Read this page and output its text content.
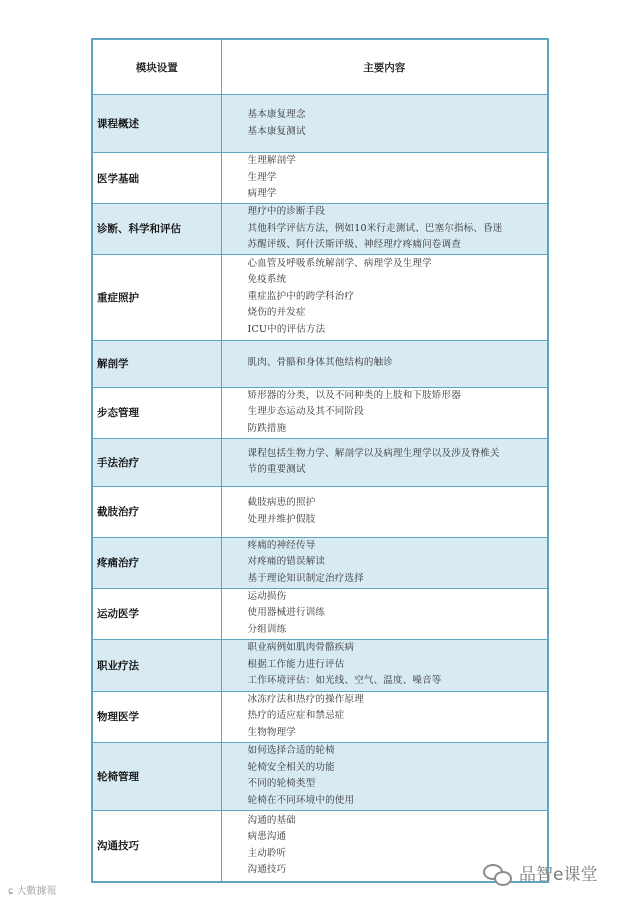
模块设置	主要内容
课程概述	基本康复理念
基本康复测试

医学基础	生理解剖学
生理学
病理学

诊断、科学和评估	理疗中的诊断手段
其他科学评估方法，例如10米行走测试、巴塞尔指标、昏迷
苏醒评级、阿什沃斯评级、神经理疗疼痛问卷调查

重症照护	心血管及呼吸系统解剖学、病理学及生理学
免疫系统
重症监护中的跨学科治疗
烧伤的并发症
ICU中的评估方法

解剖学	肌肉、骨骼和身体其他结构的触诊

步态管理	矫形器的分类，以及不同种类的上肢和下肢矫形器
生理步态运动及其不同阶段
防跌措施

手法治疗	课程包括生物力学、解剖学以及病理生理学以及涉及脊椎关
节的重要测试

截肢治疗	截肢病患的照护
处理并维护假肢

疼痛治疗	疼痛的神经传导
对疼痛的错误解读
基于理论知识制定治疗选择

运动医学	运动损伤
使用器械进行训练
分组训练

职业疗法	职业病例如肌肉骨骼疾病
根据工作能力进行评估
工作环境评估：如光线、空气、温度、噪音等

物理医学	冰冻疗法和热疗的操作原理
热疗的适应症和禁忌症
生物物理学

轮椅管理	如何选择合适的轮椅
轮椅安全相关的功能
不同的轮椅类型
轮椅在不同环境中的使用

沟通技巧	沟通的基础
病患沟通
主动聆听
沟通技巧
ɕ 大數據報
品智e课堂
